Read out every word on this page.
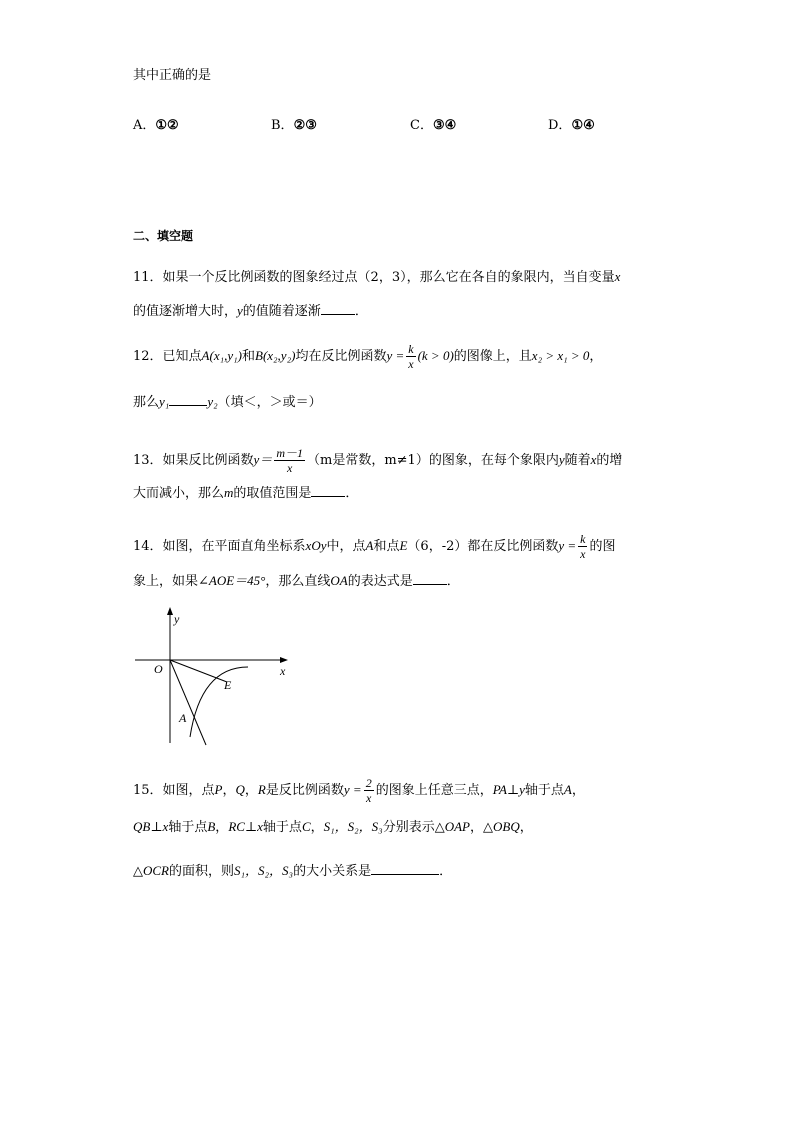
其中正确的是
A．①②	B．②③	C．③④	D．①④
二、填空题
11．如果一个反比例函数的图象经过点（2，3），那么它在各自的象限内，当自变量x
的值逐渐增大时，y的值随着逐渐	．
12．已知点A(x₁,y₁)和B(x₂,y₂)均在反比例函数$y = \frac{k}{x} (k > 0)$的图像上，且x₂ > x₁ > 0，
那么y₁	y₂（填＜，＞或＝）
13．如果反比例函数$y= \frac{m-1}{x} (m$是常数，m≠1）的图象，在每个象限内y随着x的增
大而减小，那么m的取值范围是	．
14．如图，在平面直角坐标系xOy中，点A和点E（6，-2）都在反比例函数$y = \frac{k}{x}$ 的图
象上，如果∠AOE＝45°，那么直线OA的表达式是	．
y
x
O
E
A
15．如图，点P，Q，R是反比例函数$y = \frac{2}{x}$ 的图象上任意三点，PA⊥y轴于点A，
QB⊥x轴于点B，RC⊥x轴于点C，S₁，S₂，S₃分别表示△OAP，△OBQ，
△OCR的面积，则S₁，S₂，S₃的大小关系是	．
